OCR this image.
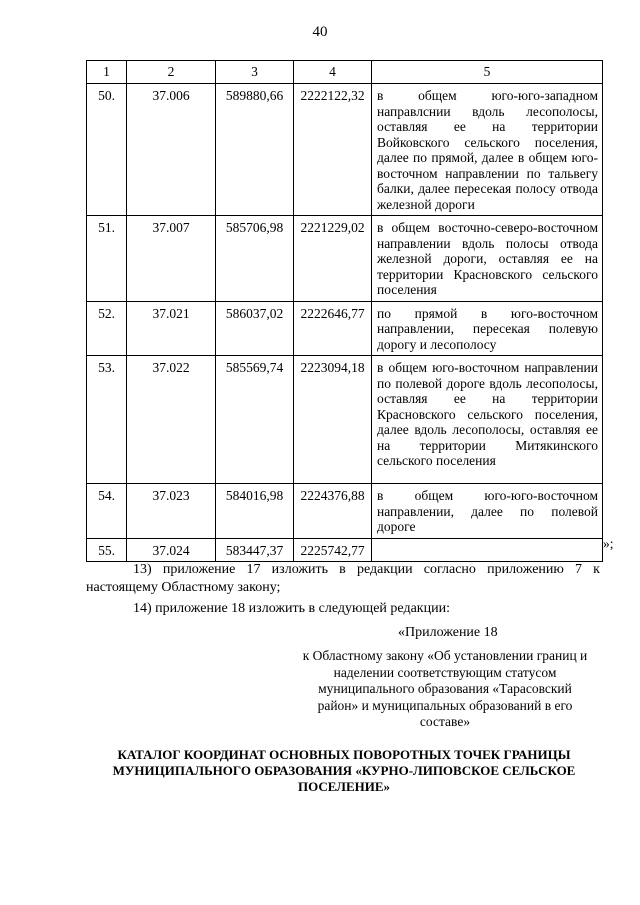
40
1	2	3	4	5
50.	37.006	589880,66	2222122,32	в общем юго-юго-западном направлснии вдоль лесополосы, оставляя ее на территории Войковского сельского поселения, далее по прямой, далее в общем юго-восточном направлении по тальвегу балки, далее пересекая полосу отвода железной дороги
51.	37.007	585706,98	2221229,02	в общем восточно-северо-восточном направлении вдоль полосы отвода железной дороги, оставляя ее на территории Красновского сельского поселения
52.	37.021	586037,02	2222646,77	по прямой в юго-восточном направлении, пересекая полевую дорогу и лесополосу
53.	37.022	585569,74	2223094,18	в общем юго-восточном направлении по полевой дороге вдоль лесополосы, оставляя ее на территории Красновского сельского поселения, далее вдоль лесополосы, оставляя ее на территории Митякинского сельского поселения
54.	37.023	584016,98	2224376,88	в общем юго-юго-восточном направлении, далее по полевой дороге
55.	37.024	583447,37	2225742,77		»;
13) приложение 17 изложить в редакции согласно приложению 7 к настоящему Областному закону;
14) приложение 18 изложить в следующей редакции:
«Приложение 18
к Областному закону «Об установлении границ и наделении соответствующим статусом муниципального образования «Тарасовский район» и муниципальных образований в его составе»
КАТАЛОГ КООРДИНАТ ОСНОВНЫХ ПОВОРОТНЫХ ТОЧЕК ГРАНИЦЫ МУНИЦИПАЛЬНОГО ОБРАЗОВАНИЯ «КУРНО-ЛИПОВСКОЕ СЕЛЬСКОЕ ПОСЕЛЕНИЕ»
